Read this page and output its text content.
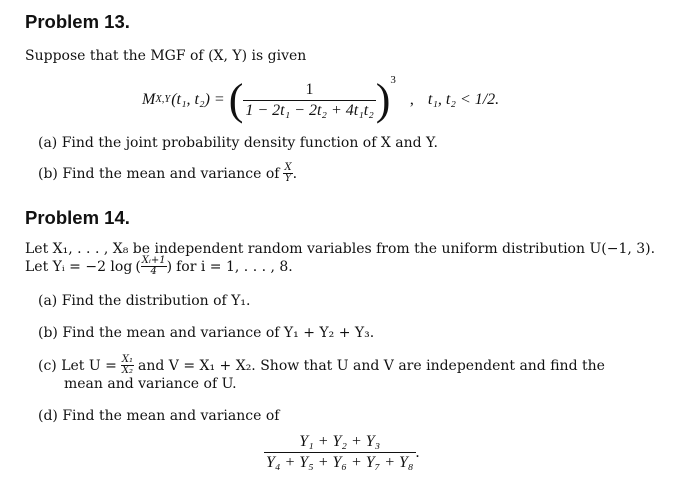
Problem 13.
Suppose that the MGF of (X, Y) is given
M X,Y (t₁, t₂) = ( $\frac{1}{\text{1 − 2t₁ − 2t₂ + 4t₁t₂}}$ ) 3
, t₁, t₂ < 1/2.
(a) Find the joint probability density function of X and Y.
(b) Find the mean and variance of $\frac{X}{Y}$ .
Problem 14.
Let X₁, . . . , X₈ be independent random variables from the uniform distribution U(−1, 3).
Let Yᵢ = −2 log ( $\frac{\text{Xᵢ+1}}{4}$ ) for i = 1, . . . , 8.
(a) Find the distribution of Y₁.
(b) Find the mean and variance of Y₁ + Y₂ + Y₃.
(c) Let $U = \frac{\text{X₁}}{\text{X₂}}$ and V = X₁ + X₂. Show that U and V are independent and find the
mean and variance of U.
(d) Find the mean and variance of
$\frac{\text{Y₁ + Y₂ + Y₃}}{\text{Y₄ + Y₅ + Y₆ + Y₇ + Y₈}}$ .
